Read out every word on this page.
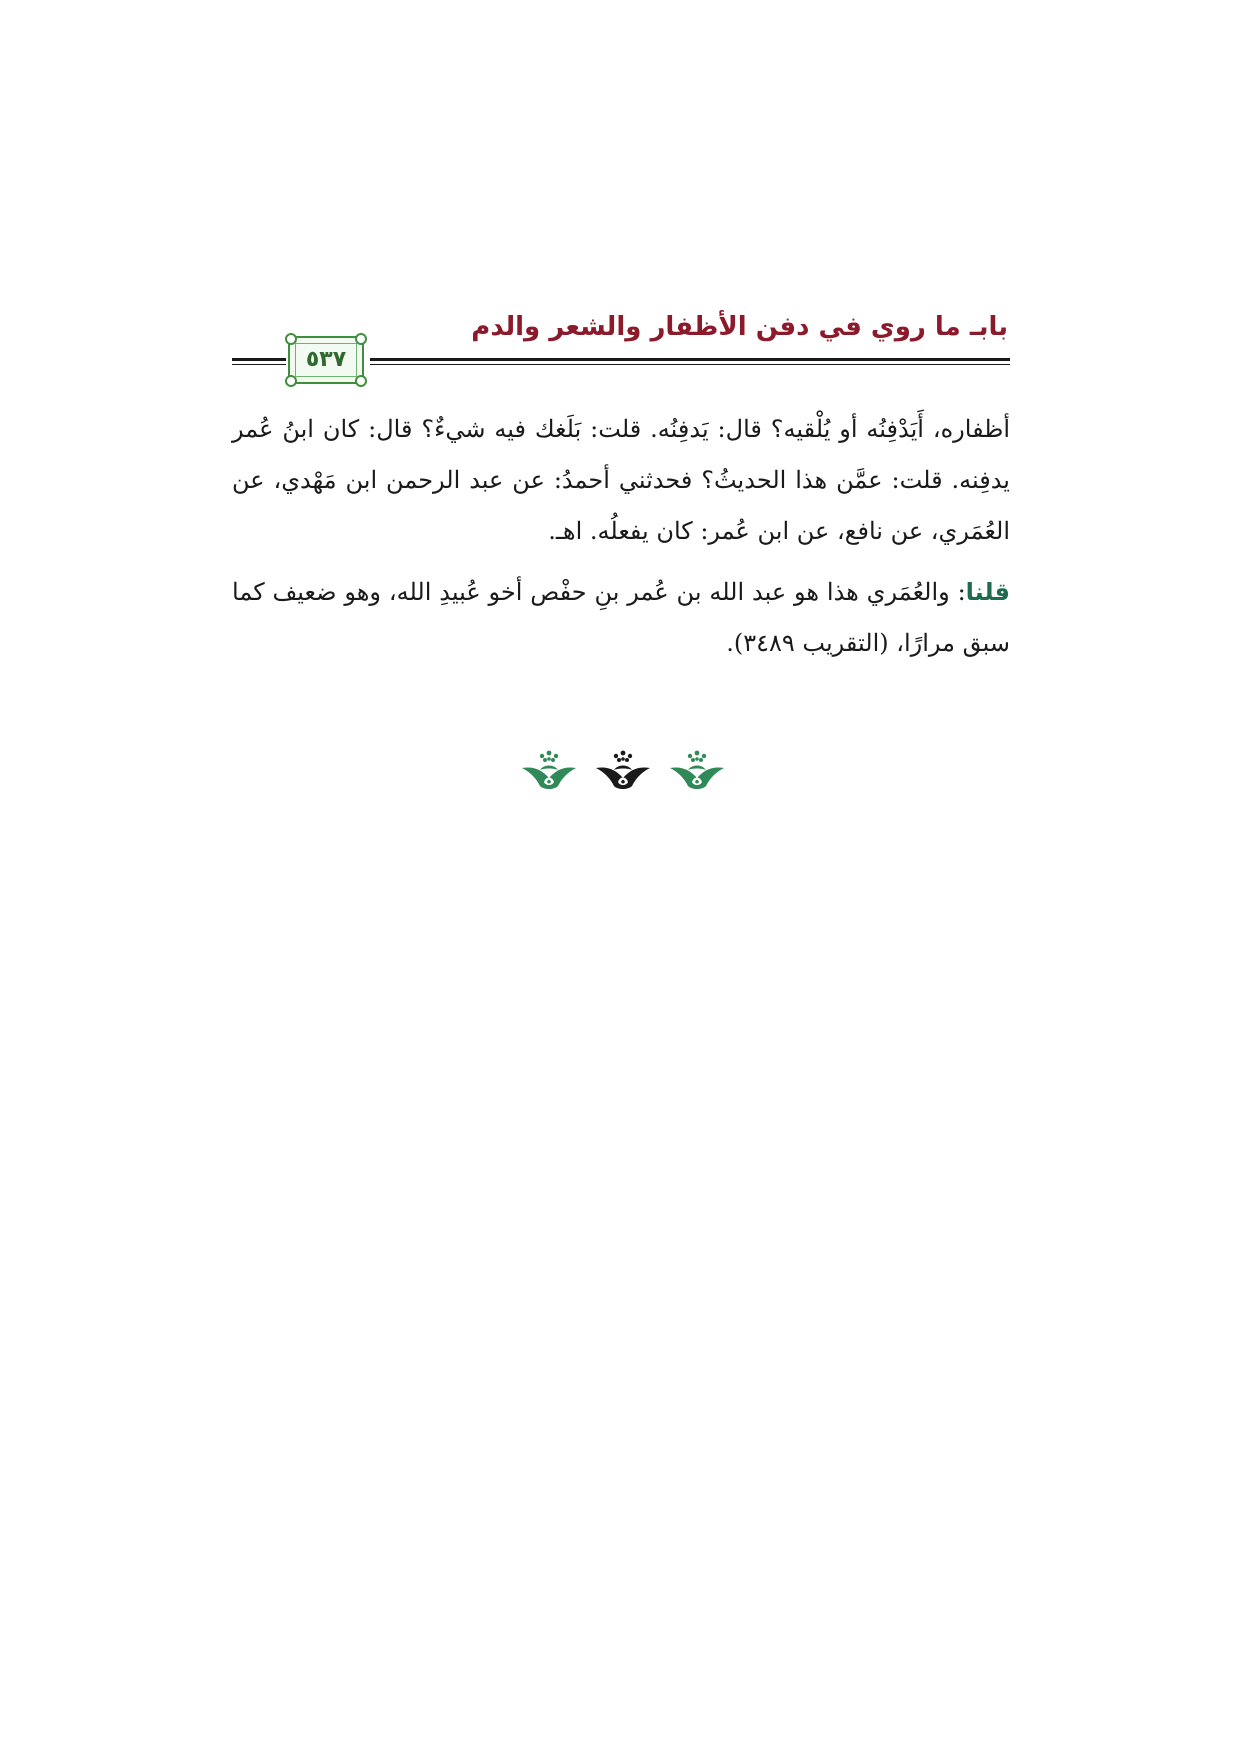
بابـ ما روي في دفن الأظفار والشعر والدم
٥٣٧

أظفاره، أَيَدْفِنُه أو يُلْقيه؟ قال: يَدفِنُه. قلت: بَلَغك فيه شيءٌ؟ قال: كان ابنُ عُمر يدفِنه. قلت: عمَّن هذا الحديثُ؟ فحدثني أحمدُ: عن عبد الرحمن ابن مَهْدي، عن العُمَري، عن نافع، عن ابن عُمر: كان يفعلُه. اهـ.

قلنا: والعُمَري هذا هو عبد الله بن عُمر بنِ حفْص أخو عُبيدِ الله، وهو ضعيف كما سبق مرارًا، (التقريب ٣٤٨٩).
